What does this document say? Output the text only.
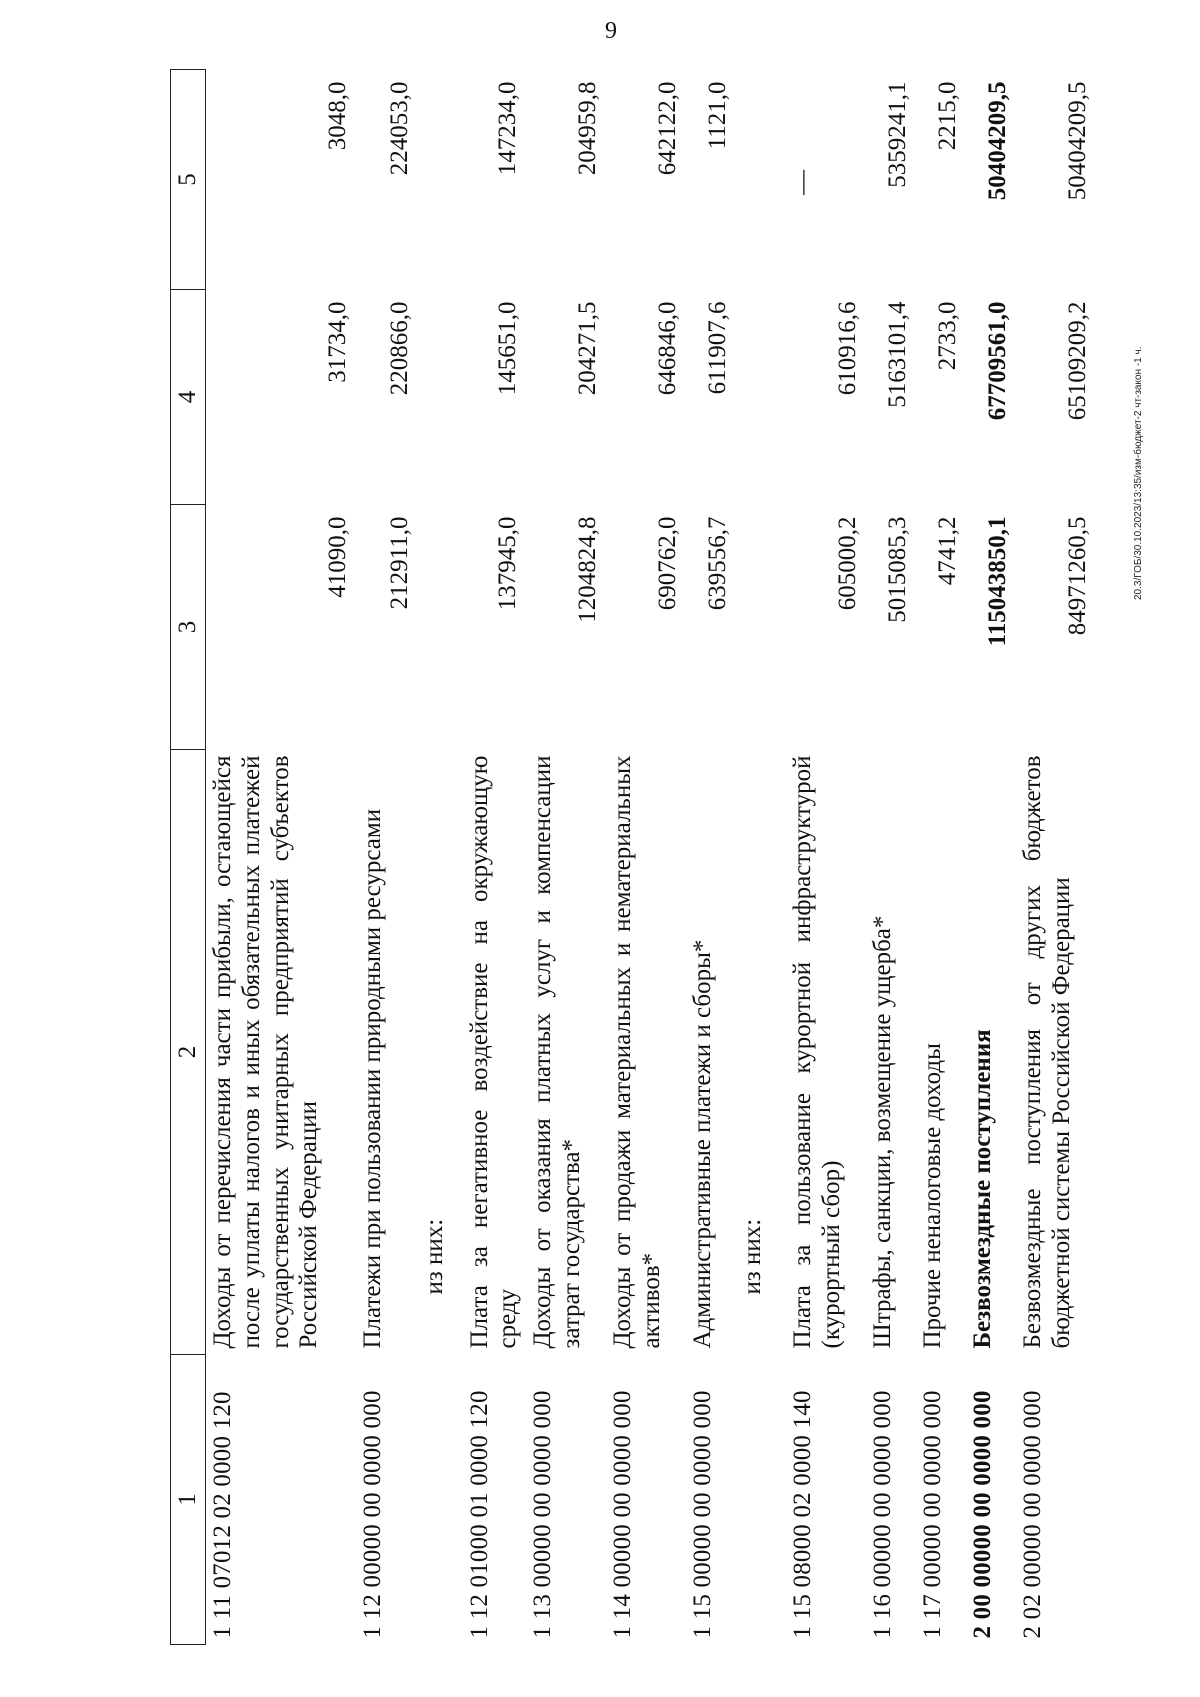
9
1	2	3	4	5
1 11 07012 02 0000 120	Доходы от перечисления части прибыли, остающейся после уплаты налогов и иных обязательных платежей государственных унитарных предприятий субъектов Российской Федерации	41090,0	31734,0	3048,0
1 12 00000 00 0000 000	Платежи при пользовании природными ресурсами	212911,0	220866,0	224053,0
	из них:			
1 12 01000 01 0000 120	Плата за негативное воздействие на окружающую среду	137945,0	145651,0	147234,0
1 13 00000 00 0000 000	Доходы от оказания платных услуг и компенсации затрат государства*	1204824,8	204271,5	204959,8
1 14 00000 00 0000 000	Доходы от продажи материальных и нематериальных активов*	690762,0	646846,0	642122,0
1 15 00000 00 0000 000	Административные платежи и сборы*	639556,7	611907,6	1121,0
	из них:			
1 15 08000 02 0000 140	Плата за пользование курортной инфраструктурой (курортный сбор)	605000,2	610916,6	—
1 16 00000 00 0000 000	Штрафы, санкции, возмещение ущерба*	5015085,3	5163101,4	5359241,1
1 17 00000 00 0000 000	Прочие неналоговые доходы	4741,2	2733,0	2215,0
2 00 00000 00 0000 000	Безвозмездные поступления	115043850,1	67709561,0	50404209,5
2 02 00000 00 0000 000	Безвозмездные поступления от других бюджетов бюджетной системы Российской Федерации	84971260,5	65109209,2	50404209,5
20.3/ГОБ/30.10.2023/13:35/изм-бюджет-2 чт-закон -1 ч.
